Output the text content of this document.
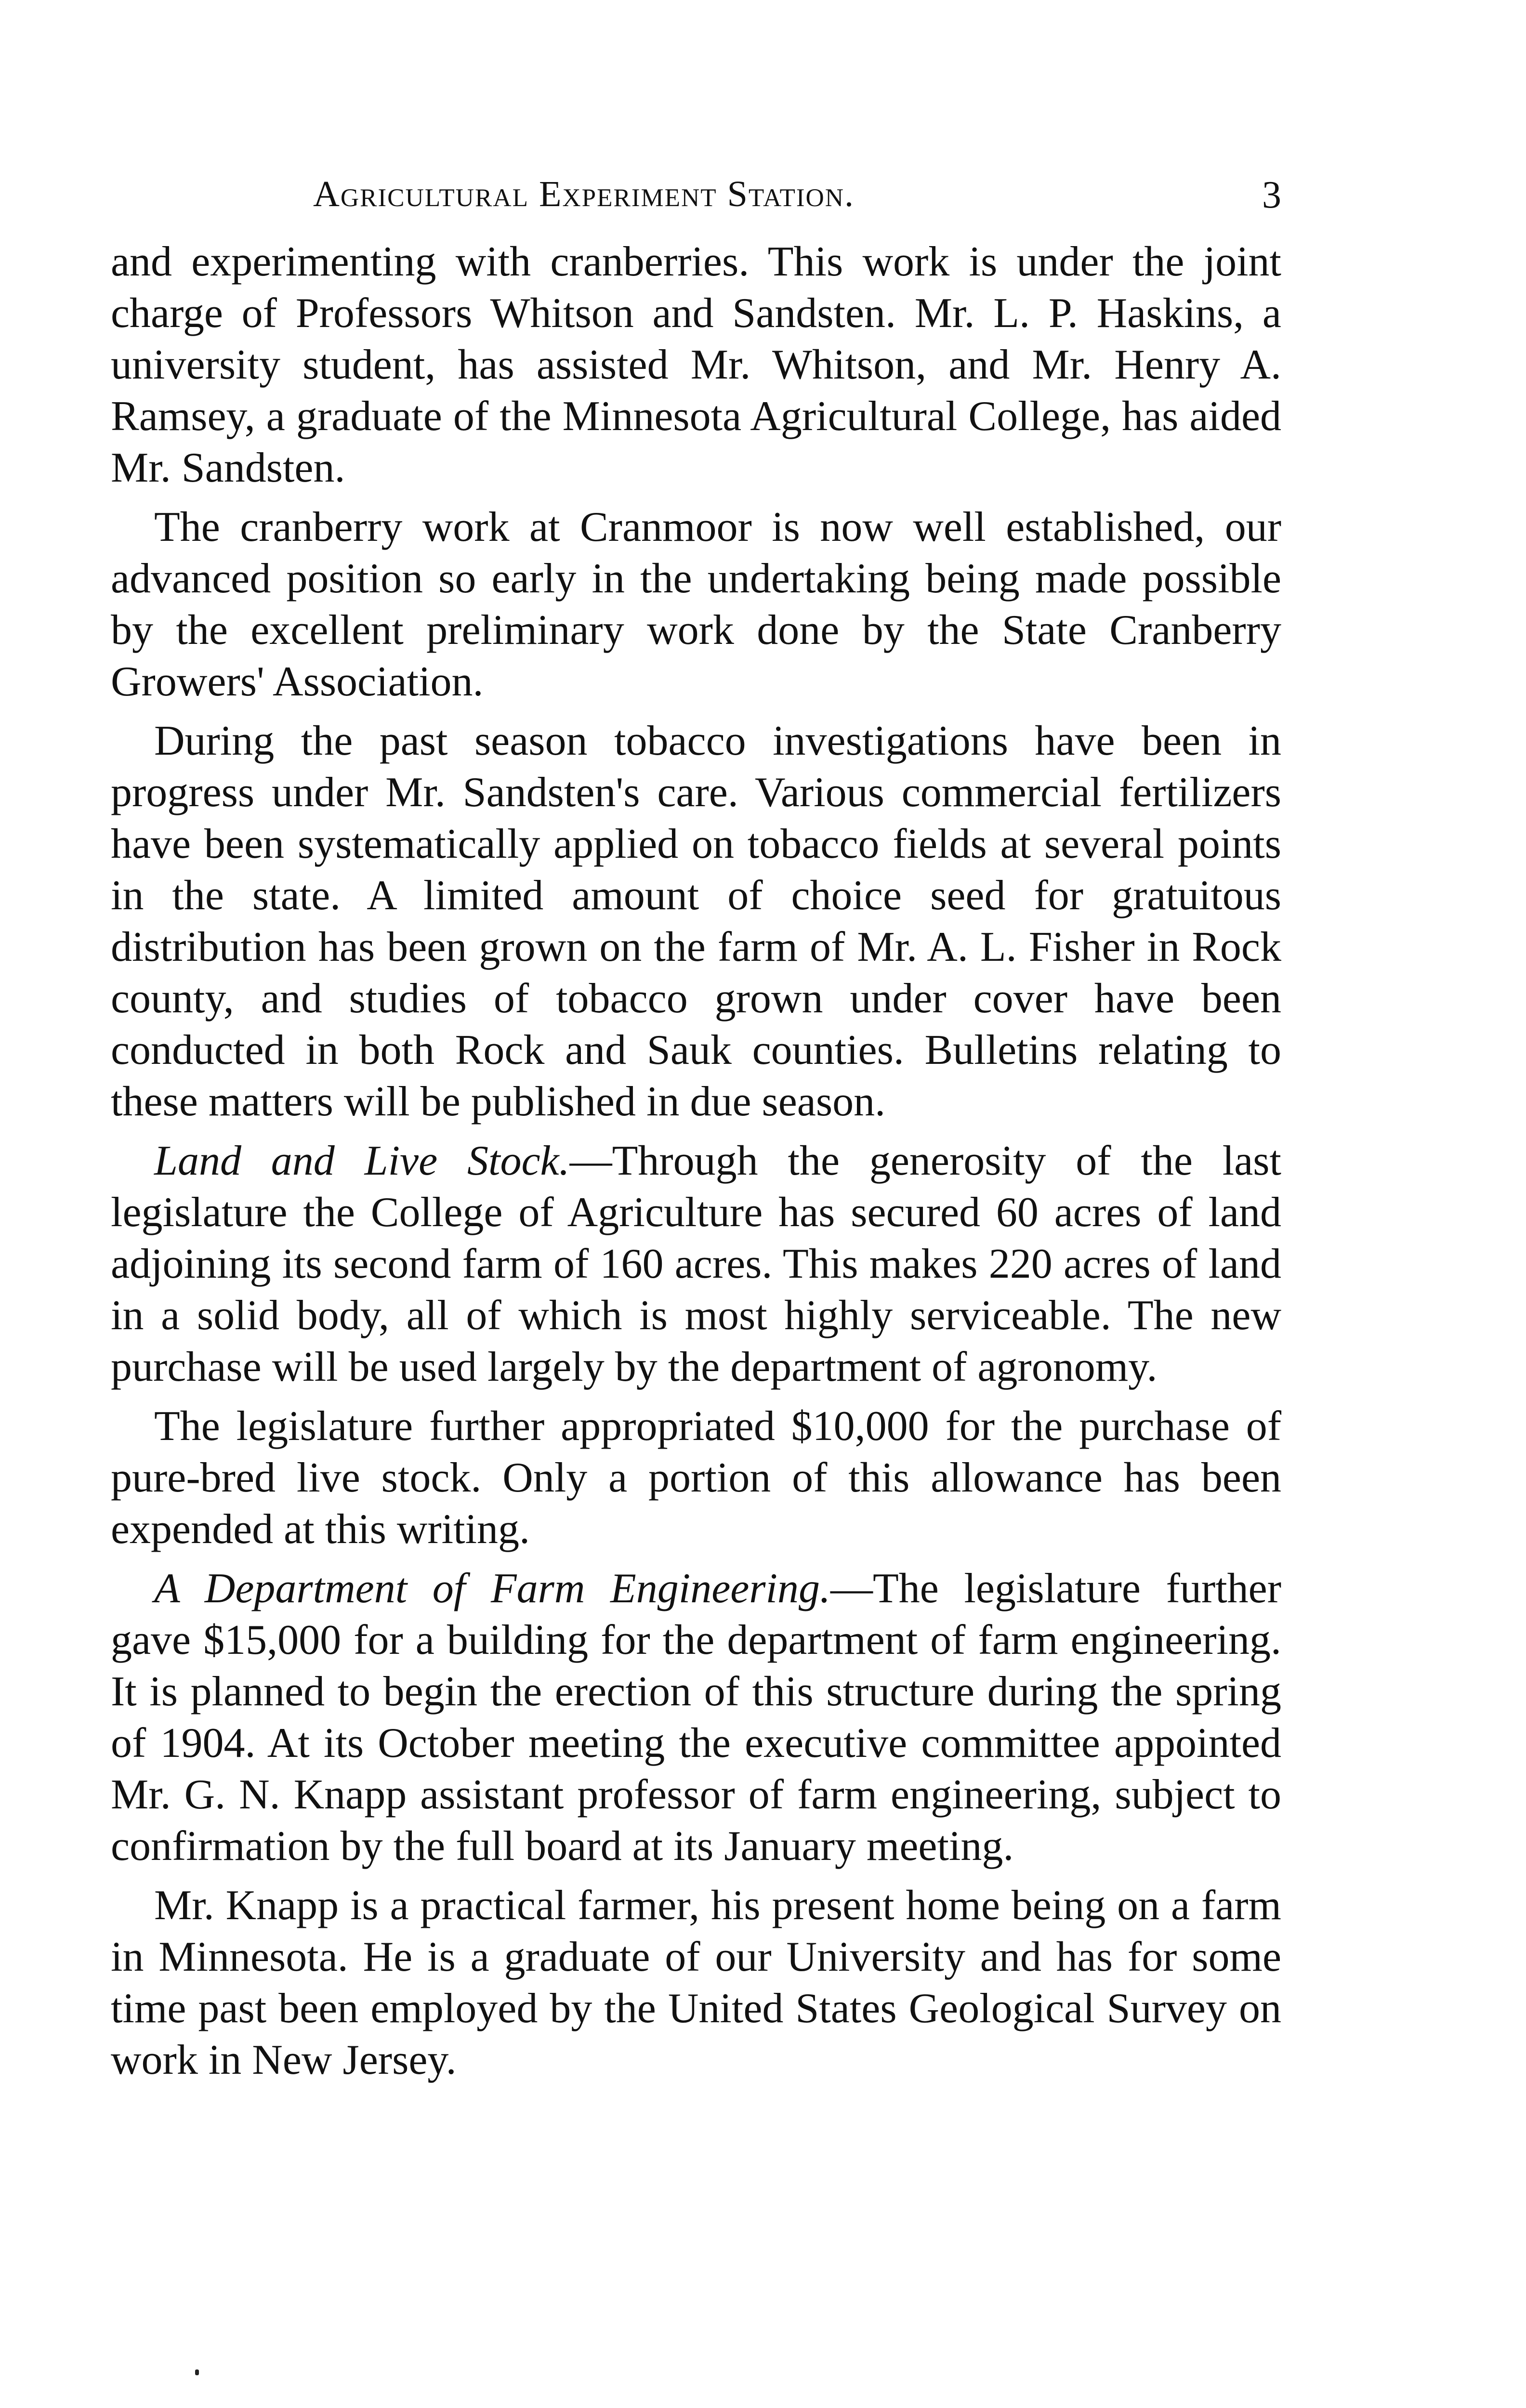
Agricultural Experiment Station.	3

and experimenting with cranberries. This work is under the joint charge of Professors Whitson and Sandsten. Mr. L. P. Haskins, a university student, has assisted Mr. Whitson, and Mr. Henry A. Ramsey, a graduate of the Minnesota Agricultural College, has aided Mr. Sandsten.

The cranberry work at Cranmoor is now well established, our advanced position so early in the undertaking being made possible by the excellent preliminary work done by the State Cranberry Growers' Association.

During the past season tobacco investigations have been in progress under Mr. Sandsten's care. Various commercial fertilizers have been systematically applied on tobacco fields at several points in the state. A limited amount of choice seed for gratuitous distribution has been grown on the farm of Mr. A. L. Fisher in Rock county, and studies of tobacco grown under cover have been conducted in both Rock and Sauk counties. Bulletins relating to these matters will be published in due season.

Land and Live Stock.—Through the generosity of the last legislature the College of Agriculture has secured 60 acres of land adjoining its second farm of 160 acres. This makes 220 acres of land in a solid body, all of which is most highly serviceable. The new purchase will be used largely by the department of agronomy.

The legislature further appropriated $10,000 for the purchase of pure-bred live stock. Only a portion of this allowance has been expended at this writing.

A Department of Farm Engineering.—The legislature further gave $15,000 for a building for the department of farm engineering. It is planned to begin the erection of this structure during the spring of 1904. At its October meeting the executive committee appointed Mr. G. N. Knapp assistant professor of farm engineering, subject to confirmation by the full board at its January meeting.

Mr. Knapp is a practical farmer, his present home being on a farm in Minnesota. He is a graduate of our University and has for some time past been employed by the United States Geological Survey on work in New Jersey.
